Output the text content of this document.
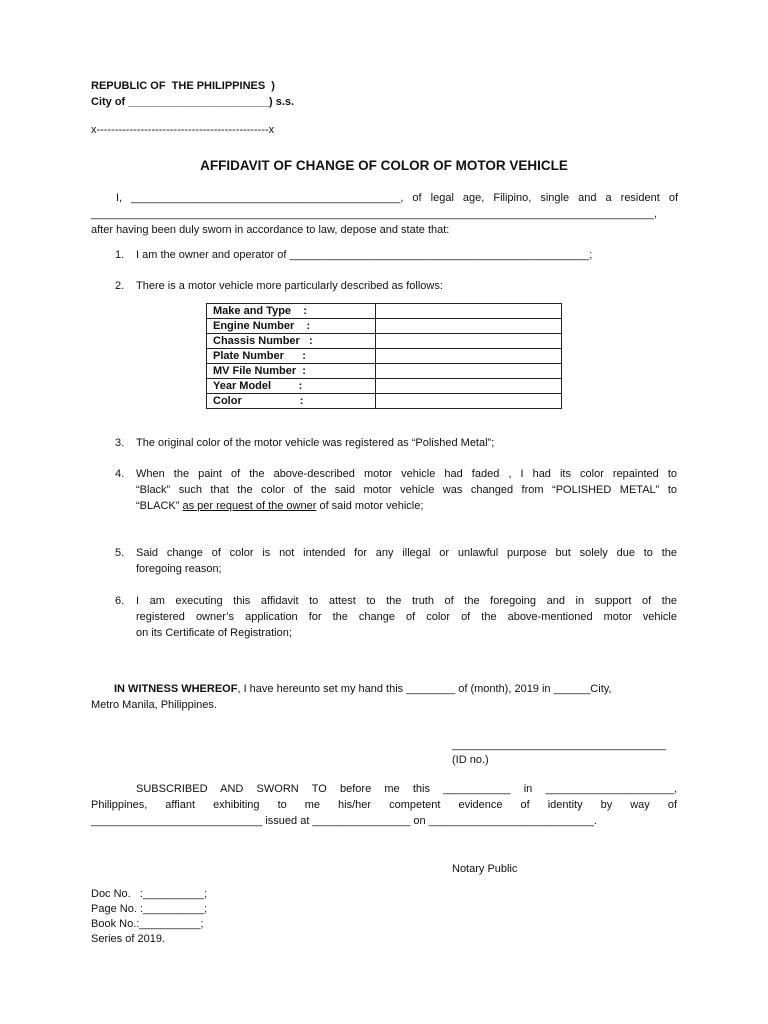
REPUBLIC OF  THE PHILIPPINES  )
City of _______________________) s.s.
x-----------------------------------------------x
AFFIDAVIT OF CHANGE OF COLOR OF MOTOR VEHICLE
I, ____________________________________________, of legal age, Filipino, single and a resident of
____________________________________________________________________________________________,
after having been duly sworn in accordance to law, depose and state that:
1. I am the owner and operator of _________________________________________________;
2. There is a motor vehicle more particularly described as follows:
Make and Type    :	
Engine Number    :	
Chassis Number   :	
Plate Number      :	
MV File Number  :	
Year Model         :	
Color                   :	
3. The original color of the motor vehicle was registered as “Polished Metal”;
4. When the paint of the above-described motor vehicle had faded , I had its color repainted to
“Black” such that the color of the said motor vehicle was changed from “POLISHED METAL” to
“BLACK” as per request of the owner of said motor vehicle;
5. Said change of color is not intended for any illegal or unlawful purpose but solely due to the
foregoing reason;
6. I am executing this affidavit to attest to the truth of the foregoing and in support of the
registered owner’s application for the change of color of the above-mentioned motor vehicle
on its Certificate of Registration;
IN WITNESS WHEREOF, I have hereunto set my hand this ________ of (month), 2019 in ______City,
Metro Manila, Philippines.
___________________________________
(ID no.)
SUBSCRIBED AND SWORN TO before me this ___________ in _____________________,
Philippines, affiant exhibiting to me his/her competent evidence of identity by way of
____________________________ issued at ________________ on ___________________________.
Notary Public
Doc No.   :__________;
Page No. :__________;
Book No.:__________;
Series of 2019.
